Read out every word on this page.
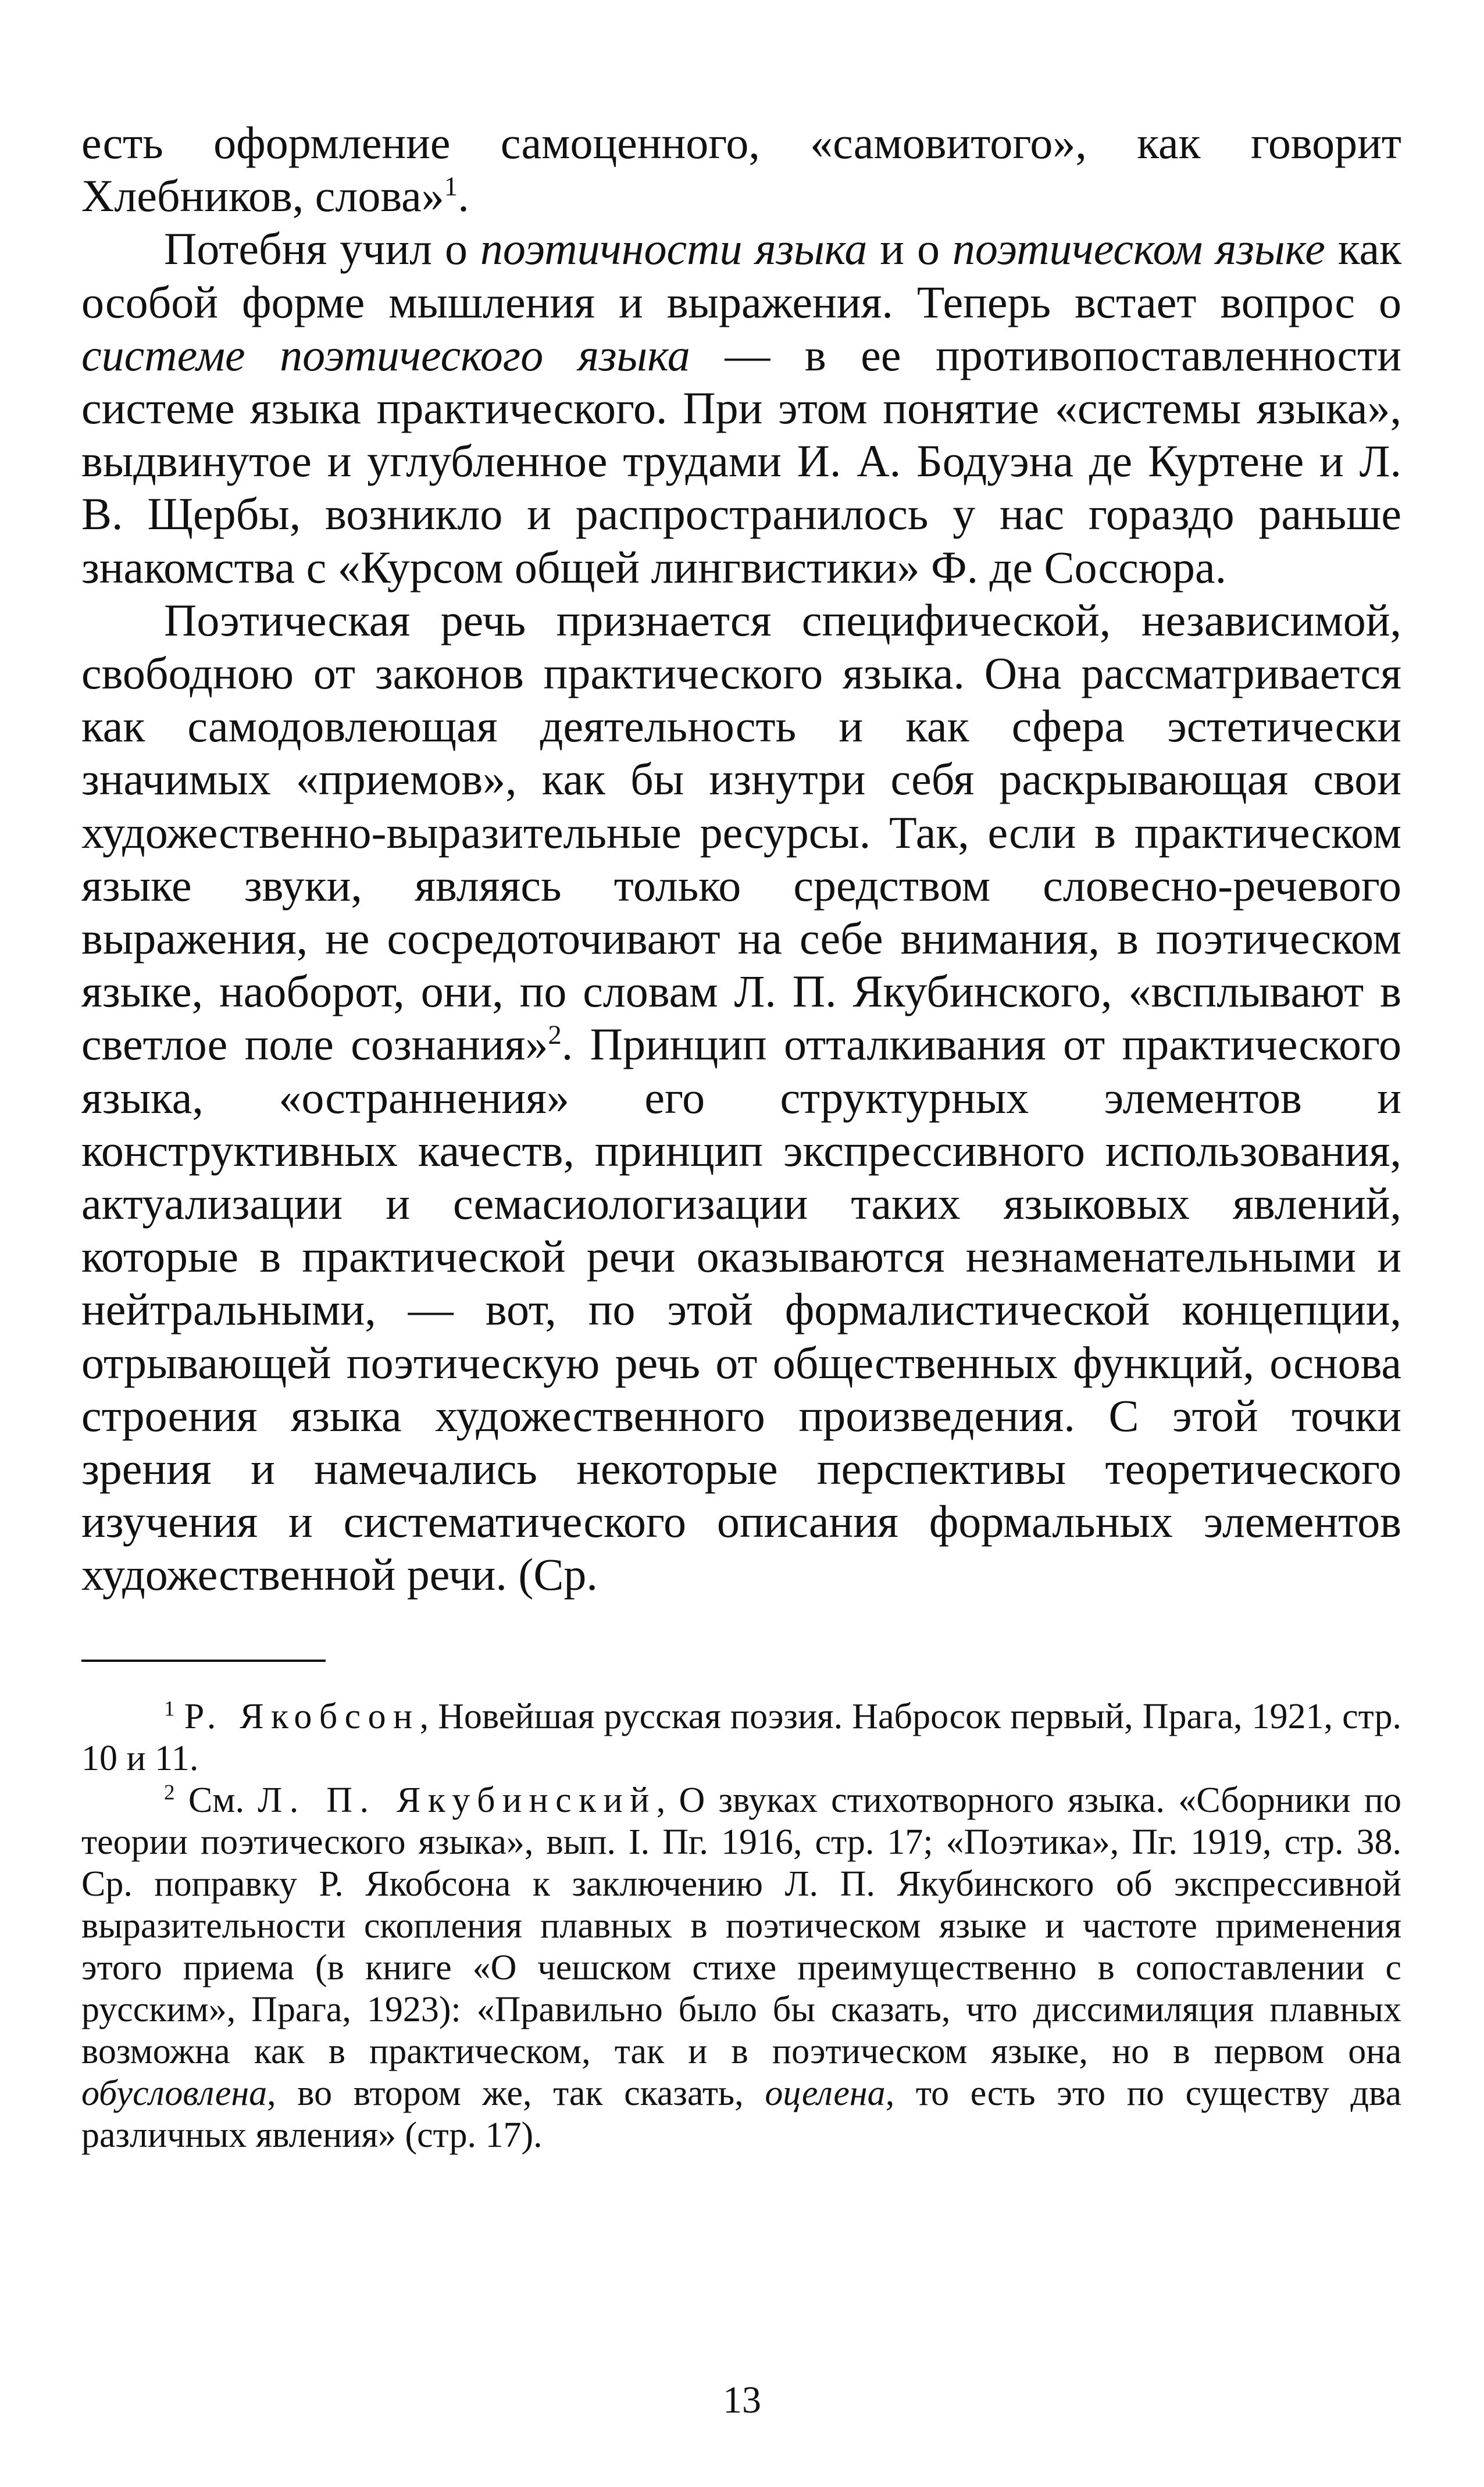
есть оформление самоценного, «самовитого», как говорит Хлебников, слова»$^1$.

Потебня учил о поэтичности языка и о поэтическом языке как особой форме мышления и выражения. Теперь встает вопрос о системе поэтического языка — в ее противопоставленности системе языка практического. При этом понятие «системы языка», выдвинутое и углубленное трудами И. А. Бодуэна де Куртене и Л. В. Щербы, возникло и распространилось у нас гораздо раньше знакомства с «Курсом общей лингвистики» Ф. де Соссюра.

Поэтическая речь признается специфической, независимой, свободною от законов практического языка. Она рассматривается как самодовлеющая деятельность и как сфера эстетически значимых «приемов», как бы изнутри себя раскрывающая свои художественно-выразительные ресурсы. Так, если в практическом языке звуки, являясь только средством словесно-речевого выражения, не сосредоточивают на себе внимания, в поэтическом языке, наоборот, они, по словам Л. П. Якубинского, «всплывают в светлое поле сознания»$^2$. Принцип отталкивания от практического языка, «остраннения» его структурных элементов и конструктивных качеств, принцип экспрессивного использования, актуализации и семасиологизации таких языковых явлений, которые в практической речи оказываются незнаменательными и нейтральными, — вот, по этой формалистической концепции, отрывающей поэтическую речь от общественных функций, основа строения языка художественного произведения. С этой точки зрения и намечались некоторые перспективы теоретического изучения и систематического описания формальных элементов художественной речи. (Ср.

$^1$ Р. Якобсон, Новейшая русская поэзия. Набросок первый, Прага, 1921, стр. 10 и 11.

$^2$ См. Л. П. Якубинский, О звуках стихотворного языка. «Сборники по теории поэтического языка», вып. I. Пг. 1916, стр. 17; «Поэтика», Пг. 1919, стр. 38. Ср. поправку Р. Якобсона к заключению Л. П. Якубинского об экспрессивной выразительности скопления плавных в поэтическом языке и частоте применения этого приема (в книге «О чешском стихе преимущественно в сопоставлении с русским», Прага, 1923): «Правильно было бы сказать, что диссимиляция плавных возможна как в практическом, так и в поэтическом языке, но в первом она обусловлена, во втором же, так сказать, оцелена, то есть это по существу два различных явления» (стр. 17).

13
